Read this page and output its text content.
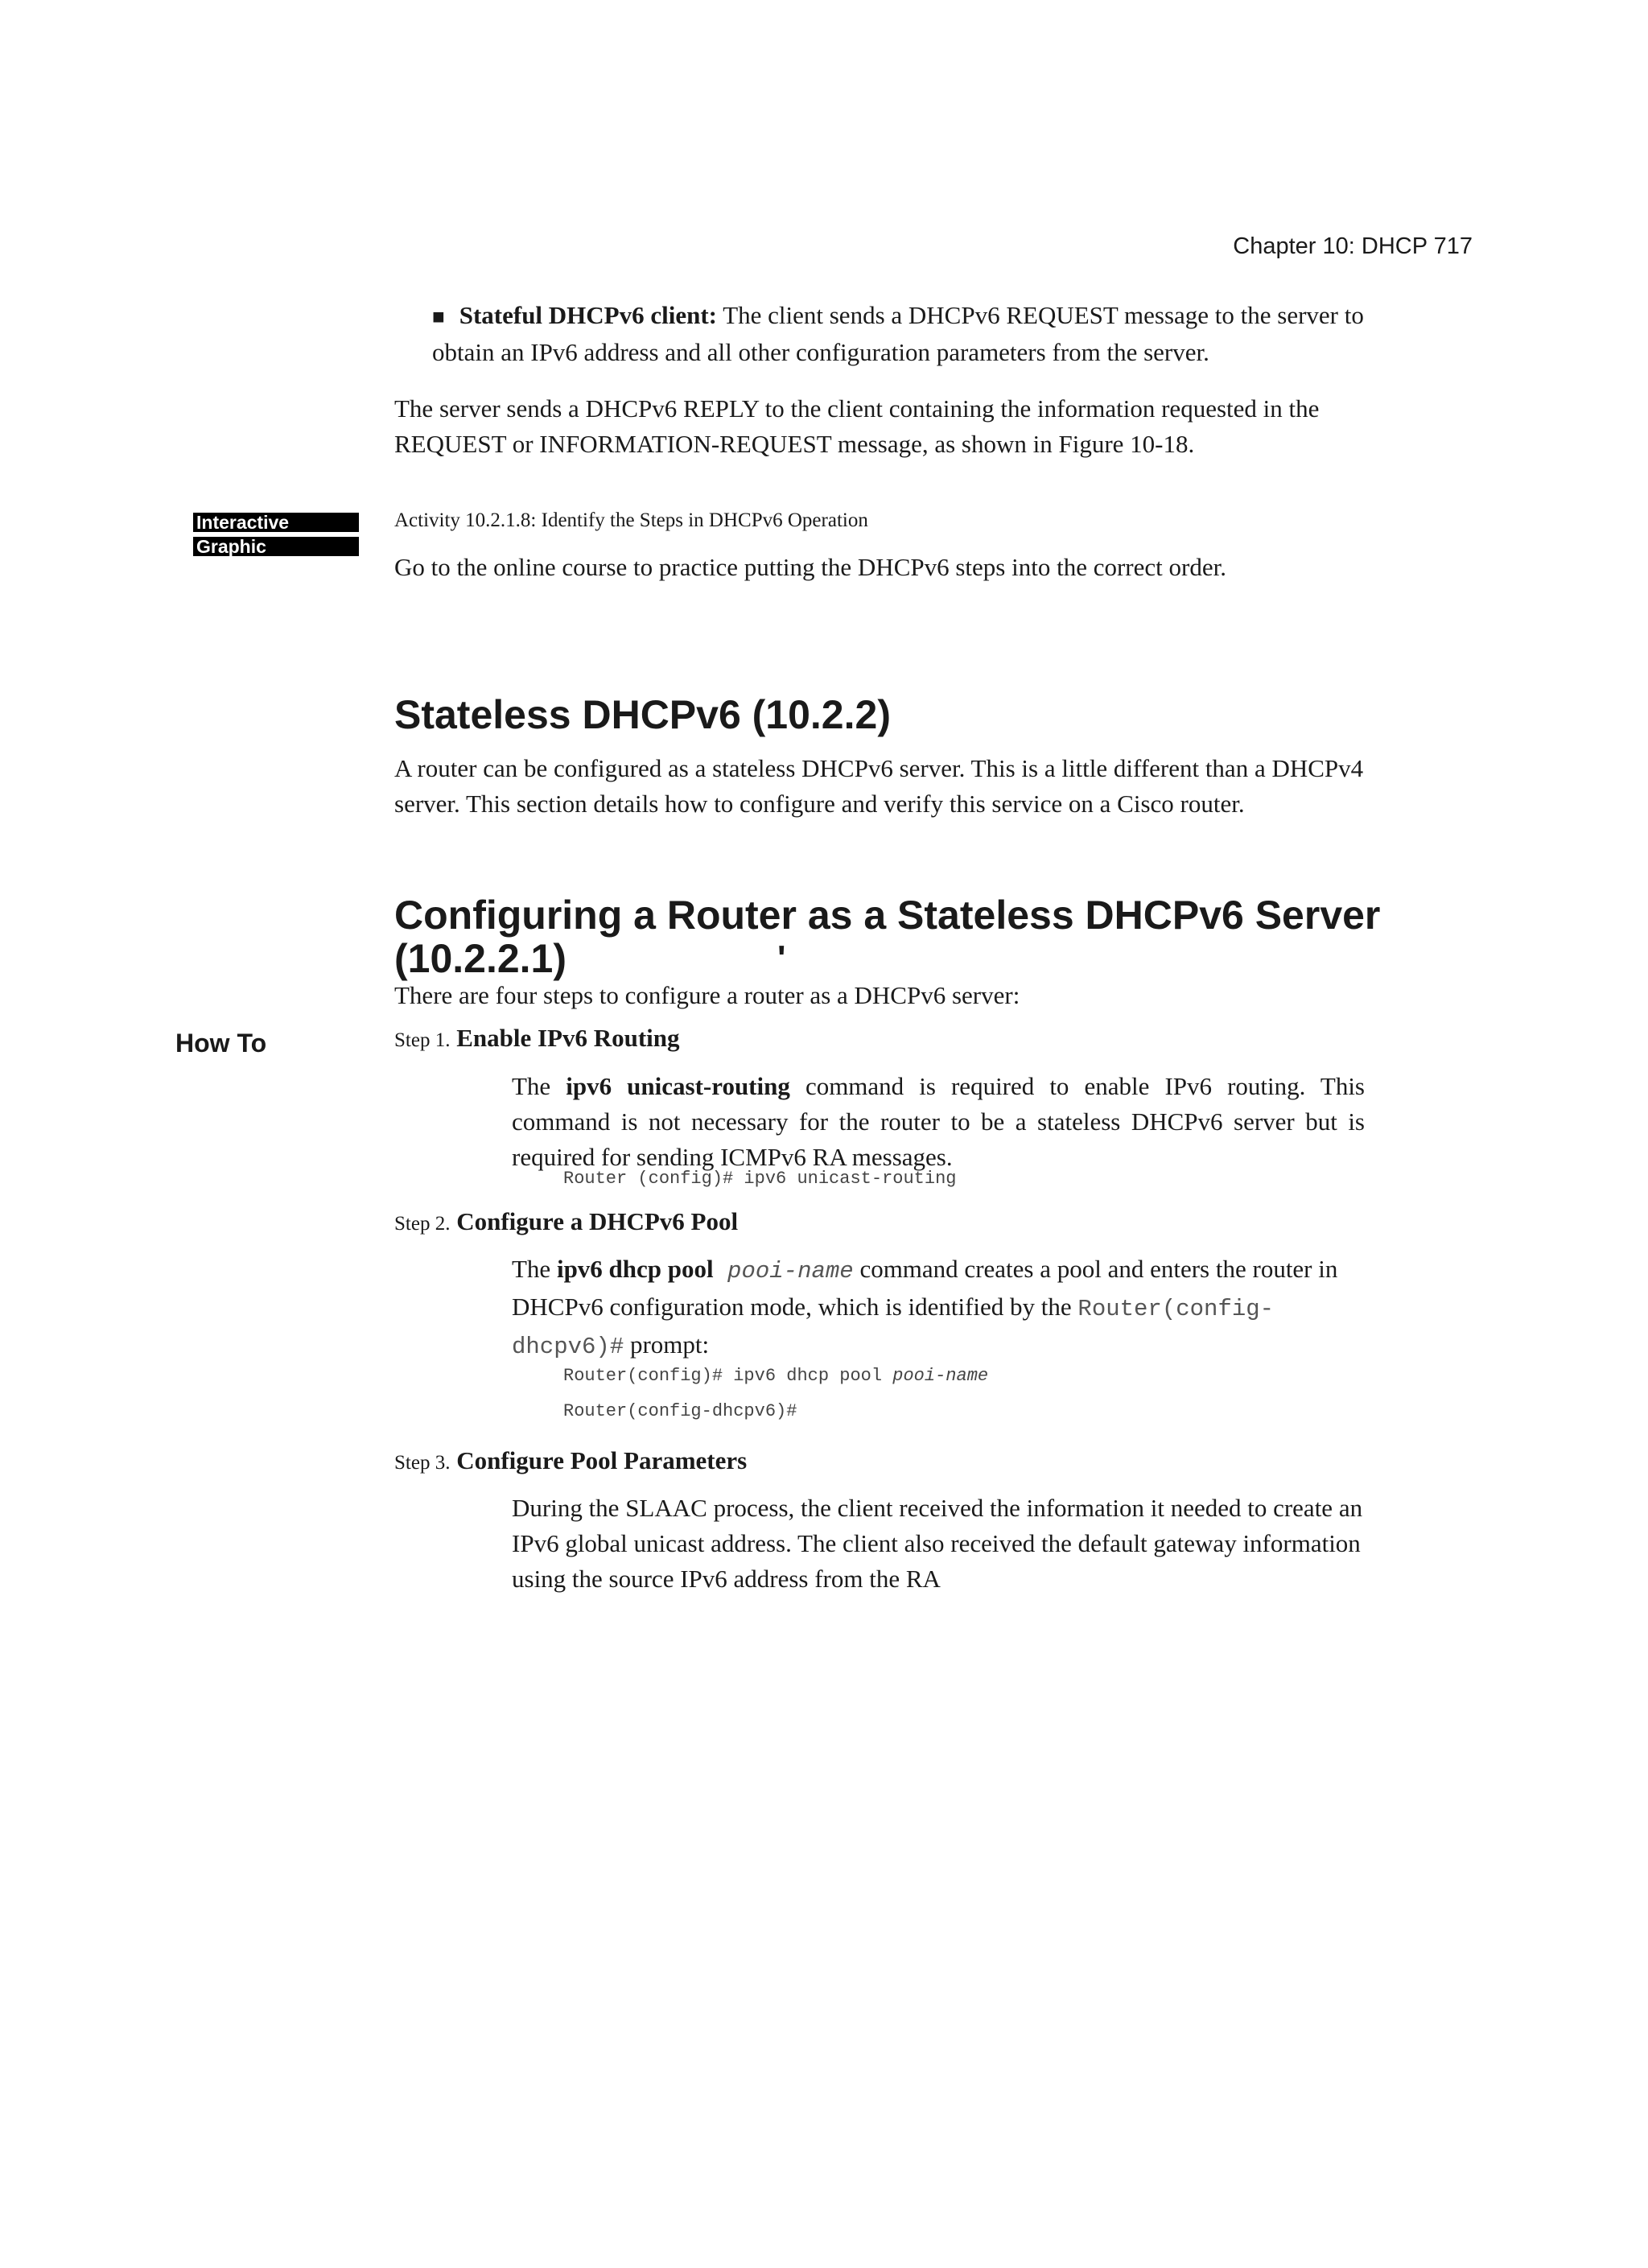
Chapter 10: DHCP 717
■ Stateful DHCPv6 client: The client sends a DHCPv6 REQUEST message to the server to obtain an IPv6 address and all other configuration parameters from the server.
The server sends a DHCPv6 REPLY to the client containing the information requested in the REQUEST or INFORMATION-REQUEST message, as shown in Figure 10-18.
Interactive
Graphic
Activity 10.2.1.8: Identify the Steps in DHCPv6 Operation
Go to the online course to practice putting the DHCPv6 steps into the correct order.
Stateless DHCPv6 (10.2.2)
A router can be configured as a stateless DHCPv6 server. This is a little different than a DHCPv4 server. This section details how to configure and verify this service on a Cisco router.
Configuring a Router as a Stateless DHCPv6 Server (10.2.2.1)	'
There are four steps to configure a router as a DHCPv6 server:
How To	Step 1. Enable IPv6 Routing
The ipv6 unicast-routing command is required to enable IPv6 routing. This command is not necessary for the router to be a stateless DHCPv6 server but is required for sending ICMPv6 RA messages.
Router (config)# ipv6 unicast-routing
Step 2. Configure a DHCPv6 Pool
The ipv6 dhcp pool pooi-name command creates a pool and enters the router in DHCPv6 configuration mode, which is identified by the Router(config-dhcpv6)# prompt:
Router(config)# ipv6 dhcp pool pooi-name
Router(config-dhcpv6)#
Step 3. Configure Pool Parameters
During the SLAAC process, the client received the information it needed to create an IPv6 global unicast address. The client also received the default gateway information using the source IPv6 address from the RA
